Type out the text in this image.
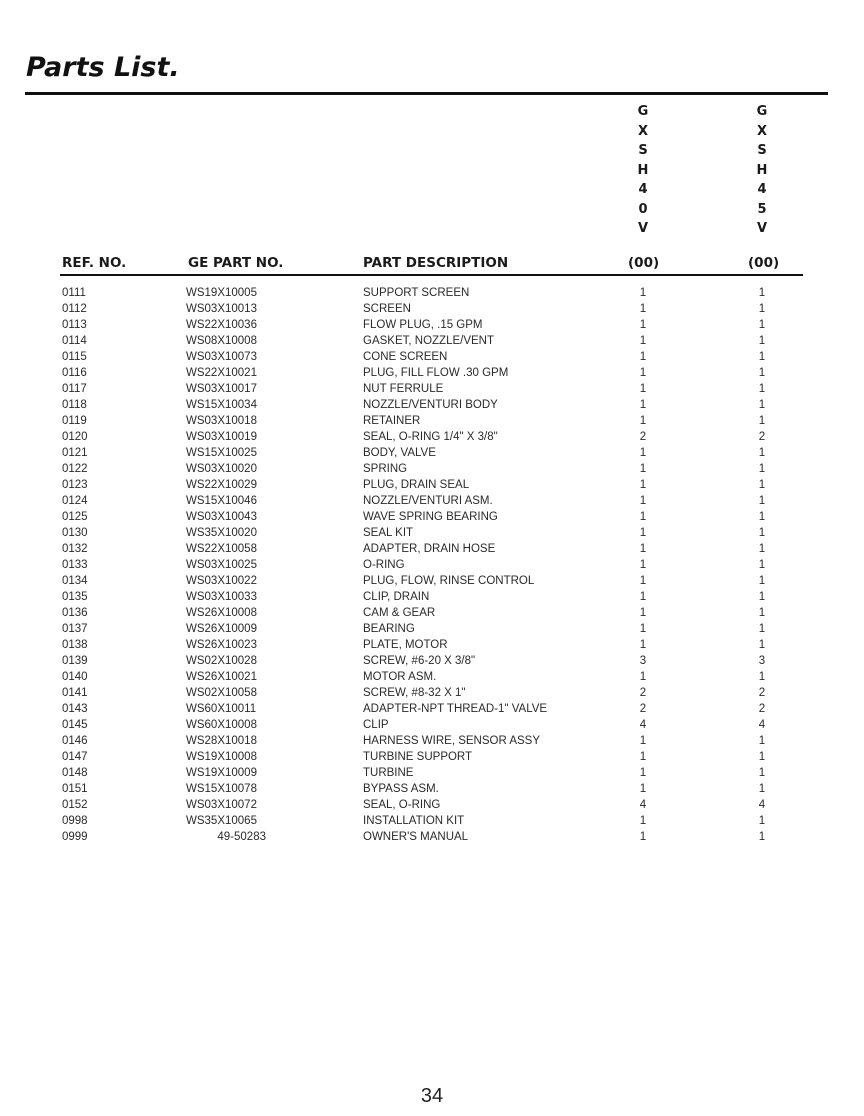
Parts List.
G
X
S
H
4
0
V
G
X
S
H
4
5
V
REF. NO.	GE PART NO.	PART DESCRIPTION	(00)	(00)
0111	WS19X10005	SUPPORT SCREEN	1	1
0112	WS03X10013	SCREEN	1	1
0113	WS22X10036	FLOW PLUG, .15 GPM	1	1
0114	WS08X10008	GASKET, NOZZLE/VENT	1	1
0115	WS03X10073	CONE SCREEN	1	1
0116	WS22X10021	PLUG, FILL FLOW .30 GPM	1	1
0117	WS03X10017	NUT FERRULE	1	1
0118	WS15X10034	NOZZLE/VENTURI BODY	1	1
0119	WS03X10018	RETAINER	1	1
0120	WS03X10019	SEAL, O-RING 1/4" X 3/8"	2	2
0121	WS15X10025	BODY, VALVE	1	1
0122	WS03X10020	SPRING	1	1
0123	WS22X10029	PLUG, DRAIN SEAL	1	1
0124	WS15X10046	NOZZLE/VENTURI ASM.	1	1
0125	WS03X10043	WAVE SPRING BEARING	1	1
0130	WS35X10020	SEAL KIT	1	1
0132	WS22X10058	ADAPTER, DRAIN HOSE	1	1
0133	WS03X10025	O-RING	1	1
0134	WS03X10022	PLUG, FLOW, RINSE CONTROL	1	1
0135	WS03X10033	CLIP, DRAIN	1	1
0136	WS26X10008	CAM & GEAR	1	1
0137	WS26X10009	BEARING	1	1
0138	WS26X10023	PLATE, MOTOR	1	1
0139	WS02X10028	SCREW, #6-20 X 3/8"	3	3
0140	WS26X10021	MOTOR ASM.	1	1
0141	WS02X10058	SCREW, #8-32 X 1"	2	2
0143	WS60X10011	ADAPTER-NPT THREAD-1" VALVE	2	2
0145	WS60X10008	CLIP	4	4
0146	WS28X10018	HARNESS WIRE, SENSOR ASSY	1	1
0147	WS19X10008	TURBINE SUPPORT	1	1
0148	WS19X10009	TURBINE	1	1
0151	WS15X10078	BYPASS ASM.	1	1
0152	WS03X10072	SEAL, O-RING	4	4
0998	WS35X10065	INSTALLATION KIT	1	1
0999	49-50283	OWNER'S MANUAL	1	1
34
